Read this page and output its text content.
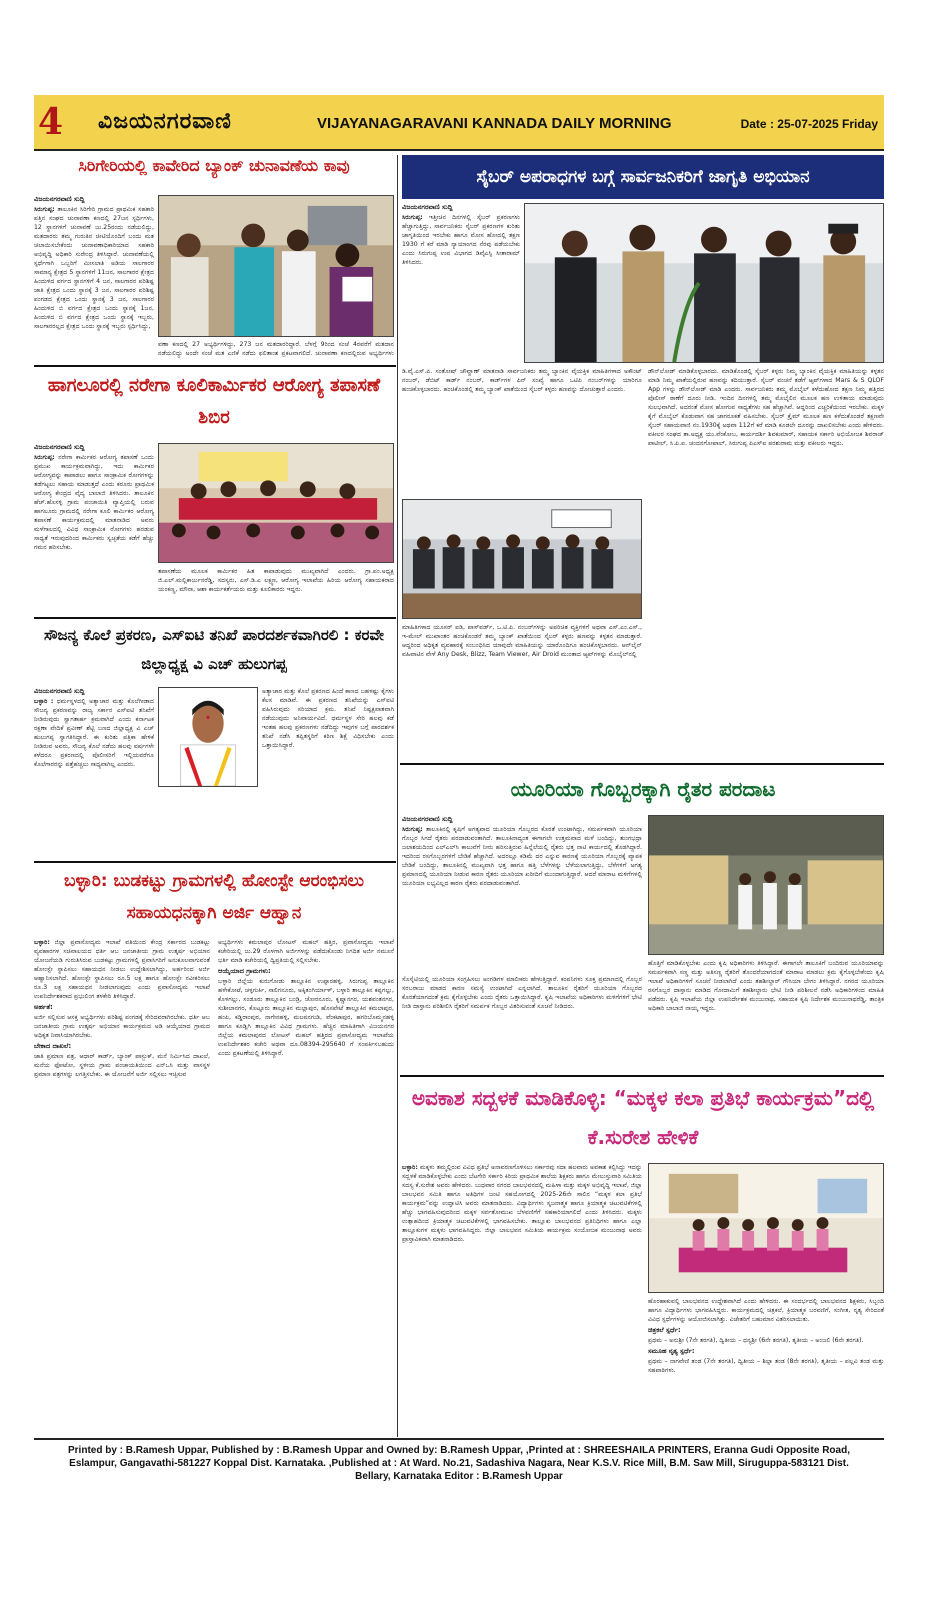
4 ವಿಜಯನಗರವಾಣಿ	VIJAYANAGARAVANI KANNADA DAILY MORNING	Date : 25-07-2025 Friday
ಸಿರಿಗೇರಿಯಲ್ಲಿ ಕಾವೇರಿದ ಬ್ಯಾಂಕ್ ಚುನಾವಣೆಯ ಕಾವು
ವಿಜಯನಗರವಾಣಿ ಸುದ್ದಿ
ಸಿರುಗುಪ್ಪ: ತಾಲೂಕಿನ ಸಿರಿಗೇರಿ ಗ್ರಾಮದ ಪ್ರಾಥಮಿಕ ಸಹಕಾರಿ ಪತ್ತಿನ ಸಂಘದ ಚುನಾವಣಾ ಕಣದಲ್ಲಿ 27ಜನ ಸ್ಪರ್ಧಿಗಳು, 12 ಸ್ಥಾನಗಳಿಗೆ ಚುನಾವಣೆ ಜು.25ರಂದು ನಡೆಯಲಿದ್ದು, ಮತದಾರರು ತಮ್ಮ ಗುರುತಿನ ಚೀಟಿಯೊಂದಿಗೆ ಬಂದು ಮತ ಚಲಾಯಿಸಬೇಕೆಂದು ಚುನಾವಣಾಧಿಕಾರಿಯಾದ ಸಹಕಾರಿ ಅಭಿವೃದ್ಧಿ ಅಧಿಕಾರಿ ಸುರೇಂದ್ರ ತಿಳಿಸಿದ್ದಾರೆ. ಚುನಾವಣೆಯಲ್ಲಿ ಸ್ಪರ್ಧೆಗಾಗಿ ಒಬ್ಬರಿಗೆ ಮೀಸಲಾತಿ ಅಡಿಯ ಸಾಲಗಾರರ ಸಾಮಾನ್ಯ ಕ್ಷೇತ್ರದ 5 ಸ್ಥಾನಗಳಿಗೆ 11ಜನ, ಸಾಲಗಾರರ ಕ್ಷೇತ್ರದ ಹಿಂದುಳಿದ ವರ್ಗದ ಸ್ಥಾನಗಳಿಗೆ 4 ಜನ, ಸಾಲಗಾರರ ಪರಿಶಿಷ್ಟ ಜಾತಿ ಕ್ಷೇತ್ರದ ಒಂದು ಸ್ಥಾನಕ್ಕೆ 3 ಜನ, ಸಾಲಗಾರರ ಪರಿಶಿಷ್ಟ ಪಂಗಡದ ಕ್ಷೇತ್ರದ ಒಂದು ಸ್ಥಾನಕ್ಕೆ 3 ಜನ, ಸಾಲಗಾರರ ಹಿಂದುಳಿದ ಬಿ ವರ್ಗದ ಕ್ಷೇತ್ರದ ಒಂದು ಸ್ಥಾನಕ್ಕೆ 1ಜನ, ಹಿಂದುಳಿದ ಬಿ ವರ್ಗದ ಕ್ಷೇತ್ರದ ಒಂದು ಸ್ಥಾನಕ್ಕೆ ಇಬ್ಬರು, ಸಾಲಗಾರರಲ್ಲದ ಕ್ಷೇತ್ರದ ಒಂದು ಸ್ಥಾನಕ್ಕೆ ಇಬ್ಬರು ಸ್ಪರ್ಧಿಸಿದ್ದು,
ವಣಾ ಕಣದಲ್ಲಿ 27 ಅಭ್ಯರ್ಥಿಗಳಿದ್ದು, 273 ಜನ ಮತದಾರರಿದ್ದಾರೆ. ಬೆಳಗ್ಗೆ 9ರಿಂದ ಸಂಜೆ 4ರವರೆಗೆ ಮತದಾನ ನಡೆಯಲಿದ್ದು ಅಂದೇ ಸಂಜೆ ಮತ ಎಣಿಕೆ ನಡೆದು ಫಲಿತಾಂಶ ಪ್ರಕಟವಾಗಲಿದೆ. ಚುನಾವಣಾ ಕಣದಲ್ಲಿರುವ ಅಭ್ಯರ್ಥಿಗಳು
ಹಾಗಲೂರಲ್ಲಿ ನರೇಗಾ ಕೂಲಿಕಾರ್ಮಿಕರ ಆರೋಗ್ಯ ತಪಾಸಣೆ ಶಿಬಿರ
ವಿಜಯನಗರವಾಣಿ ಸುದ್ದಿ
ಸಿರುಗುಪ್ಪ: ನರೇಗಾ ಕಾರ್ಮಿಕರ ಆರೋಗ್ಯ ತಪಾಸಣೆ ಒಂದು ಪ್ರಮುಖ ಕಾರ್ಯಕ್ರಮವಾಗಿದ್ದು, ಇದು ಕಾರ್ಮಿಕರ ಆರೋಗ್ಯವನ್ನು ಕಾಪಾಡಲು ಹಾಗೂ ಸಾಂಕ್ರಾಮಿಕ ರೋಗಗಳನ್ನು ತಡೆಗಟ್ಟಲು ಸಹಾಯ ಮಾಡುತ್ತದೆ ಎಂದು ಕರೂರು ಪ್ರಾಥಮಿಕ ಆರೋಗ್ಯ ಕೇಂದ್ರದ ವೈದ್ಯ ಬಾಲಾಜಿ ತಿಳಿಸಿದರು. ತಾಲೂಕಿನ ಹೆಚ್.ಹೊಸಳ್ಳಿ ಗ್ರಾಮ ಪಂಚಾಯಿತಿ ವ್ಯಾಪ್ತಿಯಲ್ಲಿ ಬರುವ ಹಾಗಲೂರು ಗ್ರಾಮದಲ್ಲಿ ನರೇಗಾ ಕೂಲಿ ಕಾರ್ಮಿಕರ ಆರೋಗ್ಯ ತಪಾಸಣೆ ಕಾರ್ಯಕ್ರಮದಲ್ಲಿ ಮಾತನಾಡಿದ ಅವರು ಮಳೆಗಾಲದಲ್ಲಿ ವಿವಿಧ ಸಾಂಕ್ರಾಮಿಕ ರೋಗಗಳು ಹರಡುವ ಸಾಧ್ಯತೆ ಇರುವುದರಿಂದ ಕಾರ್ಮಿಕರು ಸ್ವಚ್ಛತೆಯ ಕಡೆಗೆ ಹೆಚ್ಚು ಗಮನ ಹರಿಸಬೇಕು.
ತಪಾಸಣೆಯ ಮೂಲಕ ಕಾರ್ಮಿಕರ ಹಿತ ಕಾಪಾಡುವುದು ಮುಖ್ಯವಾಗಿದೆ ಎಂದರು. ಗ್ರಾ.ಪಂ.ಅಧ್ಯಕ್ಷ ಜಿ.ಎಲ್.ಮಲ್ಲಿಕಾರ್ಜುನರೆಡ್ಡಿ, ಸದಸ್ಯರು, ಎಸ್.ಡಿ.ಎ ಲಕ್ಷ್ಮಣ, ಆರೋಗ್ಯ ಇಲಾಖೆಯ ಹಿರಿಯ ಆರೋಗ್ಯ ಸಹಾಯಕರಾದ ಯಂಕಣ್ಣ, ಮೌನಾ, ಆಶಾ ಕಾರ್ಯಕರ್ತೆಯರು ಮತ್ತು ಕೂಲಿಕಾರರು ಇದ್ದರು.
ಸೌಜನ್ಯ ಕೊಲೆ ಪ್ರಕರಣ, ಎಸ್ಐಟಿ ತನಿಖೆ ಪಾರದರ್ಶಕವಾಗಿರಲಿ : ಕರವೇ ಜಿಲ್ಲಾಧ್ಯಕ್ಷ ವಿ ಎಚ್ ಹುಲುಗಪ್ಪ
ವಿಜಯನಗರವಾಣಿ ಸುದ್ದಿ
ಬಳ್ಳಾರಿ : ಧರ್ಮಸ್ಥಳದಲ್ಲಿ ಅತ್ಯಾಚಾರ ಮತ್ತು ಕೊಲೆಗೀಡಾದ ಸೌಜನ್ಯ ಪ್ರಕರಣವನ್ನು ರಾಜ್ಯ ಸರ್ಕಾರ ಎಸ್ಐಟಿ ತನಿಖೆಗೆ ನೀಡಿರುವುದು ಸ್ವಾಗತಾರ್ಹ ಕ್ರಮವಾಗಿದೆ ಎಂದು ಕರ್ನಾಟಕ ರಕ್ಷಣಾ ವೇದಿಕೆ ಪ್ರವೀಣ್ ಶೆಟ್ಟಿ ಬಣದ ಜಿಲ್ಲಾಧ್ಯಕ್ಷ ವಿ ಎಚ್ ಹುಲುಗಪ್ಪ ಸ್ವಾಗತಿಸಿದ್ದಾರೆ. ಈ ಕುರಿತು ಪತ್ರಿಕಾ ಹೇಳಿಕೆ ನೀಡಿರುವ ಅವರು, ಸೌಜನ್ಯ ಕೊಲೆ ನಡೆದು ಹಲವು ವರ್ಷಗಳೇ ಕಳೆದರೂ ಪ್ರಕರಣದಲ್ಲಿ ಪೊಲೀಸರಿಗೆ ಇಲ್ಲಿಯವರೆಗೂ ಕೊಲೆಗಾರರನ್ನು ಪತ್ತೆಹಚ್ಚಲು ಸಾಧ್ಯವಾಗಿಲ್ಲ ಎಂದರು.
ಅತ್ಯಾಚಾರ ಮತ್ತು ಕೊಲೆ ಪ್ರಕರಣದ ಹಿಂದೆ ಕಾಣದ ಬಹಳಷ್ಟು ಕೈಗಳು ಕೆಲಸ ಮಾಡಿವೆ. ಈ ಪ್ರಕರಣದ ತನಿಖೆಯನ್ನು ಎಸ್ಐಟಿ ವಹಿಸಿರುವುದು ಸರಿಯಾದ ಕ್ರಮ. ತನಿಖೆ ನಿಷ್ಪಕ್ಷಪಾತವಾಗಿ ನಡೆಯುವುದು ಅನಿವಾರ್ಯವಿದೆ. ಧರ್ಮಸ್ಥಳ ಸೇರಿ ಹಲವು ಕಡೆ ಇಂತಹ ಹಲವು ಪ್ರಕರಣಗಳು ನಡೆದಿದ್ದು ಇವುಗಳ ಬಗ್ಗೆ ಪಾರದರ್ಶಕ ತನಿಖೆ ನಡೆಸಿ ತಪ್ಪಿತಸ್ಥರಿಗೆ ಕಠಿಣ ಶಿಕ್ಷೆ ವಿಧಿಸಬೇಕು ಎಂದು ಒತ್ತಾಯಿಸಿದ್ದಾರೆ.
ಬಳ್ಳಾರಿ: ಬುಡಕಟ್ಟು ಗ್ರಾಮಗಳಲ್ಲಿ ಹೋಂಸ್ಟೇ ಆರಂಭಿಸಲು ಸಹಾಯಧನಕ್ಕಾಗಿ ಅರ್ಜಿ ಆಹ್ವಾನ
ಬಳ್ಳಾರಿ: ಜಿಲ್ಲಾ ಪ್ರವಾಸೋದ್ಯಮ ಇಲಾಖೆ ವತಿಯಿಂದ ಕೇಂದ್ರ ಸರ್ಕಾರದ ಬುಡಕಟ್ಟು ವ್ಯವಹಾರಗಳ ಸಚಿವಾಲಯದ ಧರ್ತಿ ಆಬ ಜನಜಾತೀಯ ಗ್ರಾಮ ಉತ್ಕರ್ಷ ಅಭಿಯಾನ ಯೋಜನೆಯಡಿ ಗುರುತಿಸಿರುವ ಬುಡಕಟ್ಟು ಗ್ರಾಮಗಳಲ್ಲಿ ಪ್ರವಾಸಿಗರಿಗೆ ಅನುಕೂಲವಾಗುವಂತೆ ಹೋಂಸ್ಟೇ ಸ್ಥಾಪಿಸಲು ಸಹಾಯಧನ ನೀಡಲು ಉದ್ದೇಶಿಸಲಾಗಿದ್ದು, ಅರ್ಹರಿಂದ ಅರ್ಜಿ ಆಹ್ವಾನಿಸಲಾಗಿದೆ. ಹೋಂಸ್ಟೇ ಸ್ಥಾಪಿಸಲು ರೂ.5 ಲಕ್ಷ ಹಾಗೂ ಹೋಂಸ್ಟೇ ನವೀಕರಿಸಲು ರೂ.3 ಲಕ್ಷ ಸಹಾಯಧನ ನೀಡಲಾಗುವುದು ಎಂದು ಪ್ರವಾಸೋದ್ಯಮ ಇಲಾಖೆ ಉಪನಿರ್ದೇಶಕರಾದ ಪ್ರಭುಲಿಂಗ ತಳಕೇರಿ ತಿಳಿಸಿದ್ದಾರೆ.
ಅರ್ಹತೆ:
ಅರ್ಜಿ ಸಲ್ಲಿಸುವ ಆಸಕ್ತ ಅಭ್ಯರ್ಥಿಗಳು ಪರಿಶಿಷ್ಟ ಪಂಗಡಕ್ಕೆ ಸೇರಿದವರಾಗಿರಬೇಕು. ಧರ್ತಿ ಆಬ ಜನಜಾತೀಯ ಗ್ರಾಮ ಉತ್ಕರ್ಷ ಅಭಿಯಾನ ಕಾರ್ಯಕ್ರಮದ ಅಡಿ ಆಯ್ಕೆಯಾದ ಗ್ರಾಮದ ಅಧಿಕೃತ ನಿವಾಸಿಯಾಗಿರಬೇಕು.
ಬೇಕಾದ ದಾಖಲೆ:
ಜಾತಿ ಪ್ರಮಾಣ ಪತ್ರ, ಆಧಾರ್ ಕಾರ್ಡ್, ಬ್ಯಾಂಕ್ ಪಾಸ್ಬುಕ್, ಮನೆ ನಿರ್ಮಿಸಿದ ದಾಖಲೆ, ಮನೆಯ ಫೋಟೋ, ಸ್ಥಳೀಯ ಗ್ರಾಮ ಪಂಚಾಯತಿಯಿಂದ ಎನ್ಒಸಿ ಮತ್ತು ವಾಸಸ್ಥಳ ಪ್ರಮಾಣ ಪತ್ರಗಳನ್ನು ಲಗತ್ತಿಸಬೇಕು. ಈ ಯೋಜನೆಗೆ ಅರ್ಜಿ ಸಲ್ಲಿಸಲು ಇಚ್ಛಿಸುವ
ಅಭ್ಯರ್ಥಿಗಳು ಕಮಲಾಪುರ ಲೋಟಸ್ ಮಹಲ್ ಹತ್ತಿರ, ಪ್ರವಾಸೋದ್ಯಮ ಇಲಾಖೆ ಕಚೇರಿಯಲ್ಲಿ ಜು.29 ರೊಳಗಾಗಿ ಅರ್ಜಿಗಳನ್ನು ಪಡೆದುಕೊಂಡು ನಿಗದಿತ ಅರ್ಜಿ ನಮೂನೆ ಭರ್ತಿ ಮಾಡಿ ಕಚೇರಿಯಲ್ಲಿ ದ್ವಿಪ್ರತಿಯಲ್ಲಿ ಸಲ್ಲಿಸಬೇಕು.
ಆಯ್ಕೆಯಾದ ಗ್ರಾಮಗಳು:
ಬಳ್ಳಾರಿ ಜಿಲ್ಲೆಯ ಕುರುಗೋಡು ತಾಲ್ಲೂಕಿನ ಉಪ್ಪಾರಹಳ್ಳಿ, ಸಿರುಗುಪ್ಪ ತಾಲ್ಲೂಕಿನ ಹಳೇಕೋಟೆ, ಚಳ್ಳಗುರ್ಕಿ, ಸಾಲಿಗನೂರು, ಅಕ್ಕಿತಂಗಿರ್ಯಾಳ್, ಬಳ್ಳಾರಿ ತಾಲ್ಲೂಕಿನ ಕಪ್ಪಗಲ್ಲು, ಕೊಳಗಲ್ಲು, ಸಂಡೂರು ತಾಲ್ಲೂಕಿನ ಬಂಡ್ರಿ, ಚೋರನೂರು, ಕೃಷ್ಣಾನಗರ, ಯಶವಂತನಗರ, ಸುಶೀಲಾನಗರ, ಕೊಟ್ಟೂರು ತಾಲ್ಲೂಕಿನ ಮಲ್ಲಾಪುರ, ಹೊಸಪೇಟೆ ತಾಲ್ಲೂಕಿನ ಕಮಲಾಪುರ, ಹಂಪಿ, ಕಡ್ಡಿರಾಂಪುರ, ನಾಗೇನಹಳ್ಳಿ, ಮಲಪನಗುಡಿ, ವೆಂಕಟಾಪುರ, ಹಗರಿಬೊಮ್ಮನಹಳ್ಳಿ ಹಾಗೂ ಕೂಡ್ಲಿಗಿ ತಾಲ್ಲೂಕಿನ ವಿವಿಧ ಗ್ರಾಮಗಳು. ಹೆಚ್ಚಿನ ಮಾಹಿತಿಗಾಗಿ ವಿಜಯನಗರ ಜಿಲ್ಲೆಯ ಕಮಲಾಪುರದ ಲೋಟಸ್ ಮಹಲ್ ಹತ್ತಿರದ ಪ್ರವಾಸೋದ್ಯಮ ಇಲಾಖೆಯ ಉಪನಿರ್ದೇಶಕರ ಕಚೇರಿ ಅಥವಾ ದೂ.08394-295640 ಗೆ ಸಂಪರ್ಕಿಸಬಹುದು ಎಂದು ಪ್ರಕಟಣೆಯಲ್ಲಿ ತಿಳಿಸಿದ್ದಾರೆ.
ಸೈಬರ್ ಅಪರಾಧಗಳ ಬಗ್ಗೆ ಸಾರ್ವಜನಿಕರಿಗೆ ಜಾಗೃತಿ ಅಭಿಯಾನ
ವಿಜಯನಗರವಾಣಿ ಸುದ್ದಿ
ಸಿರುಗುಪ್ಪ: ಇತ್ತೀಚಿನ ದಿನಗಳಲ್ಲಿ ಸೈಬರ್ ಪ್ರಕರಣಗಳು ಹೆಚ್ಚಾಗುತ್ತಿದ್ದು, ಸಾರ್ವಜನಿಕರು ಸೈಬರ್ ಪ್ರಕರಣಗಳ ಕುರಿತು ಜಾಗೃತಿಯಿಂದ ಇರಬೇಕು ಹಾಗೂ ಮೋಸ ಹೋದಲ್ಲಿ ತಕ್ಷಣ 1930 ಗೆ ಕರೆ ಮಾಡಿ ನ್ಯಾಯಾಂಗದ ನೆರವು ಪಡೆಯಬೇಕು ಎಂದು ಸಿರುಗುಪ್ಪ ಉಪ ವಿಭಾಗದ ಡಿವೈಎಸ್ಪಿ ಸೀತಾರಾಮ್ ತಿಳಿಸಿದರು.
ಡಿ.ವೈ.ಎಸ್.ಪಿ. ಸಂತೋಷ್ ಚೌವ್ಹಾಣ್ ಮಾತನಾಡಿ ಸಾರ್ವಜನಿಕರು ತಮ್ಮ ಬ್ಯಾಂಕಿನ ವೈಯಕ್ತಿಕ ಮಾಹಿತಿಗಳಾದ ಅಕೌಂಟ್ ನಂಬರ್, ಡೆಬಿಟ್ ಕಾರ್ಡ್ ನಂಬರ್, ಕಾರ್ಡ್‌ಗಳ ಪಿನ್ ಸಂಖ್ಯೆ ಹಾಗೂ ಒಟಿಪಿ ನಂಬರ್‌ಗಳನ್ನು ಯಾರಿಗೂ ಹಂಚಿಕೊಳ್ಳಬಾರದು. ಹಂಚಿಕೊಂಡಲ್ಲಿ ತಮ್ಮ ಬ್ಯಾಂಕ್ ಖಾತೆಯಿಂದ ಸೈಬರ್ ಕಳ್ಳರು ಹಣವನ್ನು ದೋಚುತ್ತಾರೆ ಎಂದರು.
ಮಾಹಿತಿಗಳಾದ ಯೂಸರ್ ಐಡಿ, ಪಾಸ್‌ವರ್ಡ್, ಒ.ಟಿ.ಪಿ. ನಂಬರ್‌ಗಳನ್ನು ಅಪರಿಚಿತ ವ್ಯಕ್ತಿಗಳಿಗೆ ಅಥವಾ ಎಸ್.ಎಂ.ಎಸ್., ಇ-ಮೇಲ್ ಮುಖಾಂತರ ಹಂಚಿಕೊಂಡರೆ ತಮ್ಮ ಬ್ಯಾಂಕ್ ಖಾತೆಯಿಂದ ಸೈಬರ್ ಕಳ್ಳರು ಹಣವನ್ನು ಕಳ್ಳತನ ಮಾಡುತ್ತಾರೆ. ಆದ್ದರಿಂದ ಅಧಿಕೃತ ವ್ಯವಹಾರಕ್ಕೆ ಸಂಬಂಧಿಸಿದ ಯಾವುದೇ ಮಾಹಿತಿಯನ್ನು ಯಾರೊಂದಿಗೂ ಹಂಚಿಕೊಳ್ಳಬಾರದು. ಆನ್‌ಲೈನ್ ವಹಿವಾಟಿನ ವೇಳೆ Any Desk, Blizz, Team Viewer, Air Droid ಮುಂತಾದ ಆ್ಯಪ್‌ಗಳನ್ನು ಮೊಬೈಲ್‌ನಲ್ಲಿ
ಡೌನ್‌ಲೋಡ್ ಮಾಡಿಕೊಳ್ಳಬಾರದು. ಮಾಡಿಕೊಂಡಲ್ಲಿ ಸೈಬರ್ ಕಳ್ಳರು ನಿಮ್ಮ ಬ್ಯಾಂಕಿನ ವೈಯಕ್ತಿಕ ಮಾಹಿತಿಯನ್ನು ಕಳ್ಳತನ ಮಾಡಿ ನಿಮ್ಮ ಖಾತೆಯಲ್ಲಿರುವ ಹಣವನ್ನು ಕದಿಯುತ್ತಾರೆ. ಸೈಬರ್ ವಂಚನೆ ತಡೆಗೆ ಆ್ಯಪ್‌ಗಳಾದ Mars & S QLOF App ಗಳನ್ನು ಡೌನ್‌ಲೋಡ್ ಮಾಡಿ ಎಂದರು. ಸಾರ್ವಜನಿಕರು ತಮ್ಮ ಮೊಬೈಲ್ ಕಳೆದುಹೋದ ತಕ್ಷಣ ನಿಮ್ಮ ಹತ್ತಿರದ ಪೊಲೀಸ್ ಠಾಣೆಗೆ ದೂರು ನೀಡಿ. ಇಂದಿನ ದಿನಗಳಲ್ಲಿ ತಮ್ಮ ಮೊಬೈಲಿನ ಮೂಲಕ ಹಣ ಉಳಿತಾಯ ಮಾಡುವುದು ಸುಲಭವಾಗಿದೆ. ಅದರಂತೆ ಮೋಸ ಹೋಗುವ ಸಾಧ್ಯತೆಗಳು ಸಹ ಹೆಚ್ಚಾಗಿವೆ. ಆದ್ದರಿಂದ ಎಚ್ಚರಿಕೆಯಿಂದ ಇರಬೇಕು. ಮಕ್ಕಳ ಕೈಗೆ ಮೊಬೈಲ್ ಕೊಡುವಾಗ ಸಹ ಜಾಗರೂಕತೆ ವಹಿಸಬೇಕು. ಸೈಬರ್ ಕ್ರೈಮ್ ಮೂಲಕ ಹಣ ಕಳೆದುಕೊಂಡರೆ ತಕ್ಷಣವೇ ಸೈಬರ್ ಸಹಾಯವಾಣಿ ನಂ.1930ಕ್ಕೆ ಅಥವಾ 112ಗೆ ಕರೆ ಮಾಡಿ ಕೂಡಲೇ ದೂರನ್ನು ದಾಖಲಿಸಬೇಕು ಎಂದು ಹೇಳಿದರು. ವಕೀಲರ ಸಂಘದ ತಾ.ಅಧ್ಯಕ್ಷ ಯು.ವೆಂಕೋಬ, ಕಾರ್ಯದರ್ಶಿ ಶಿವಕುಮಾರ್, ಸಹಾಯಕ ಸರ್ಕಾರಿ ಅಭಿಯೋಜಕ ಶಿವರಾಜ್ ಪಾಟೀಲ್, ಸಿ.ಪಿ.ಐ. ಚಂದನಗೋಪಾಲ್, ಸಿರುಗುಪ್ಪ ಪಿಎಸ್ಐ ಪರಶುರಾಮ ಮತ್ತು ವಕೀಲರು ಇದ್ದರು.
ಯೂರಿಯಾ ಗೊಬ್ಬರಕ್ಕಾಗಿ ರೈತರ ಪರದಾಟ
ವಿಜಯನಗರವಾಣಿ ಸುದ್ದಿ
ಸಿರುಗುಪ್ಪ: ತಾಲೂಕಿನಲ್ಲಿ ಕೃಷಿಗೆ ಅಗತ್ಯವಾದ ಯೂರಿಯಾ ಗೊಬ್ಬರದ ಕೊರತೆ ಉಂಟಾಗಿದ್ದು, ಸಮರ್ಪಕವಾಗಿ ಯೂರಿಯಾ ಗೊಬ್ಬರ ಸಿಗದೆ ರೈತರು ಪರದಾಡುವಂತಾಗಿದೆ. ತಾಲೂಕಿನಾದ್ಯಂತ ಈಗಾಗಲೇ ಉತ್ತಮವಾದ ಮಳೆ ಬಂದಿದ್ದು, ತುಂಗಭದ್ರಾ ಜಲಾಶಯದಿಂದ ಎಲ್ಎಲ್‌ಸಿ ಕಾಲುವೆಗೆ ನೀರು ಹರಿಸುತ್ತಿರುವ ಹಿನ್ನೆಲೆಯಲ್ಲಿ ರೈತರು ಭತ್ತ ನಾಟಿ ಕಾರ್ಯದಲ್ಲಿ ತೊಡಗಿದ್ದಾರೆ. ಇದರಿಂದ ರಸಗೊಬ್ಬರಗಳಿಗೆ ಬೇಡಿಕೆ ಹೆಚ್ಚಾಗಿದೆ. ಅದರಲ್ಲೂ ಕಡಿಮೆ ದರ ಎನ್ನುವ ಕಾರಣಕ್ಕೆ ಯೂರಿಯಾ ಗೊಬ್ಬರಕ್ಕೆ ವ್ಯಾಪಕ ಬೇಡಿಕೆ ಬಂದಿದ್ದು, ತಾಲೂಕಿನಲ್ಲಿ ಮುಖ್ಯವಾಗಿ ಭತ್ತ ಹಾಗೂ ಹತ್ತಿ ಬೆಳೆಗಳನ್ನು ಬೆಳೆಯಲಾಗುತ್ತಿದ್ದು, ಬೆಳೆಗಳಿಗೆ ಅಗತ್ಯ ಪ್ರಮಾಣದಲ್ಲಿ ಯೂರಿಯಾ ನೀಡುವ ಕಾರಣ ರೈತರು ಯೂರಿಯಾ ಖರೀದಿಗೆ ಮುಂದಾಗುತ್ತಿದ್ದಾರೆ. ಆದರೆ ಮಾರಾಟ ಮಳಿಗೆಗಳಲ್ಲಿ ಯೂರಿಯಾ ಲಭ್ಯವಿಲ್ಲದ ಕಾರಣ ರೈತರು ಪರದಾಡುವಂತಾಗಿದೆ.
ಹೊತ್ತಿಗೆ ಮಾಡಿಕೊಳ್ಳಬೇಕು ಎಂದು ಕೃಷಿ ಅಧಿಕಾರಿಗಳು ತಿಳಿಸಿದ್ದಾರೆ. ಈಗಾಗಲೇ ತಾಲೂಕಿಗೆ ಬಂದಿರುವ ಯೂರಿಯಾವನ್ನು ಸಮರ್ಪಕವಾಗಿ ಸಣ್ಣ ಮತ್ತು ಅತಿಸಣ್ಣ ರೈತರಿಗೆ ತೊಂದರೆಯಾಗದಂತೆ ಮಾರಾಟ ಮಾಡಲು ಕ್ರಮ ಕೈಗೊಳ್ಳಬೇಕೆಂದು ಕೃಷಿ ಇಲಾಖೆ ಅಧಿಕಾರಿಗಳಿಗೆ ಸೂಚನೆ ನೀಡಲಾಗಿದೆ ಎಂದು ತಹಶೀಲ್ದಾರ್ ಗೌಸಿಯಾ ಬೇಗಂ ತಿಳಿಸಿದ್ದಾರೆ. ನಗರದ ಯೂರಿಯಾ ರಸಗೊಬ್ಬರ ದಾಸ್ತಾನು ಮಾಡಿದ ಗೋದಾಮಿಗೆ ತಹಶೀಲ್ದಾರು ಭೇಟಿ ನೀಡಿ ಪರಿಶೀಲನೆ ನಡೆಸಿ ಅಧಿಕಾರಿಗಳಿಂದ ಮಾಹಿತಿ ಪಡೆದರು. ಕೃಷಿ ಇಲಾಖೆಯ ಜಿಲ್ಲಾ ಉಪನಿರ್ದೇಶಕ ಮಂಜುನಾಥ, ಸಹಾಯಕ ಕೃಷಿ ನಿರ್ದೇಶಕ ಮಂಜುನಾಥರೆಡ್ಡಿ, ತಾಂತ್ರಿಕ ಅಧಿಕಾರಿ ಬಾಬಾಜಿ ನಾಯ್ಕ ಇದ್ದರು.
ಸೊಸೈಟಿಯಲ್ಲಿ ಯೂರಿಯಾ ಸಂಗ್ರಹಿಸಲು ಅಂಗಡಿಗಳ ಮಾಲೀಕರು ಹೇಳುತ್ತಿದ್ದಾರೆ. ಕಂಪನಿಗಳು ಸೂಕ್ತ ಪ್ರಮಾಣದಲ್ಲಿ ಗೊಬ್ಬರ ಸರಬರಾಜು ಮಾಡದ ಕಾರಣ ಸಮಸ್ಯೆ ಉಂಟಾಗಿದೆ ಎನ್ನಲಾಗಿದೆ. ತಾಲೂಕಿನ ರೈತರಿಗೆ ಯೂರಿಯಾ ಗೊಬ್ಬರದ ಕೊರತೆಯಾಗದಂತೆ ಕ್ರಮ ಕೈಗೊಳ್ಳಬೇಕು ಎಂದು ರೈತರು ಒತ್ತಾಯಿಸಿದ್ದಾರೆ. ಕೃಷಿ ಇಲಾಖೆಯ ಅಧಿಕಾರಿಗಳು ಮಳಿಗೆಗಳಿಗೆ ಭೇಟಿ ನೀಡಿ ದಾಸ್ತಾನು ಪರಿಶೀಲಿಸಿ ರೈತರಿಗೆ ಸಮರ್ಪಕ ಗೊಬ್ಬರ ವಿತರಿಸುವಂತೆ ಸೂಚನೆ ನೀಡಿದರು.
ಅವಕಾಶ ಸದ್ಬಳಕೆ ಮಾಡಿಕೊಳ್ಳಿ: “ಮಕ್ಕಳ ಕಲಾ ಪ್ರತಿಭೆ ಕಾರ್ಯಕ್ರಮ”ದಲ್ಲಿ ಕೆ.ಸುರೇಶ ಹೇಳಿಕೆ
ಬಳ್ಳಾರಿ: ಮಕ್ಕಳು ತಮ್ಮಲ್ಲಿರುವ ವಿವಿಧ ಪ್ರತಿಭೆ ಅನಾವರಣಗೊಳಿಸಲು ಸರ್ಕಾರವು ಸದಾ ಹಲವಾರು ಅವಕಾಶ ಕಲ್ಪಿಸಿದ್ದು ಇದನ್ನು ಸದ್ಬಳಕೆ ಮಾಡಿಕೊಳ್ಳಬೇಕು ಎಂದು ಬೆಟಗೇರಿ ಸರ್ಕಾರಿ ಕಿರಿಯ ಪ್ರಾಥಮಿಕ ಶಾಲೆಯ ಶಿಕ್ಷಕರು ಹಾಗೂ ಮೇಲುಸ್ತುವಾರಿ ಸಮಿತಿಯ ಸದಸ್ಯ ಕೆ.ಸುರೇಶ ಅವರು ಹೇಳಿದರು. ಬುಧವಾರ ನಗರದ ಬಾಲಭವನದಲ್ಲಿ ಮಹಿಳಾ ಮತ್ತು ಮಕ್ಕಳ ಅಭಿವೃದ್ಧಿ ಇಲಾಖೆ, ಜಿಲ್ಲಾ ಬಾಲಭವನ ಸಮಿತಿ ಹಾಗೂ ಅತಿಥಿಗಳ ಜಂಟಿ ಸಹಯೋಗದಲ್ಲಿ 2025-26ನೇ ಸಾಲಿನ “ಮಕ್ಕಳ ಕಲಾ ಪ್ರತಿಭೆ ಕಾರ್ಯಕ್ರಮ”ವನ್ನು ಉದ್ಘಾಟಿಸಿ ಅವರು ಮಾತನಾಡಿದರು. ವಿದ್ಯಾರ್ಥಿಗಳು ಸೃಜನಾತ್ಮಕ ಹಾಗೂ ಕ್ರಿಯಾತ್ಮಕ ಚಟುವಟಿಕೆಗಳಲ್ಲಿ ಹೆಚ್ಚು ಭಾಗವಹಿಸುವುದರಿಂದ ಮಕ್ಕಳ ಸರ್ವತೋಮುಖ ಬೆಳವಣಿಗೆಗೆ ಸಹಕಾರಿಯಾಗಲಿದೆ ಎಂದು ತಿಳಿಸಿದರು. ಮಕ್ಕಳು ಉತ್ಸಾಹದಿಂದ ಕ್ರಿಯಾತ್ಮಕ ಚಟುವಟಿಕೆಗಳಲ್ಲಿ ಭಾಗವಹಿಸಬೇಕು. ತಾಲ್ಲೂಕು ಬಾಲಭವನದ ಪ್ರತಿನಿಧಿಗಳು ಹಾಗೂ ಎಲ್ಲಾ ತಾಲ್ಲೂಕುಗಳ ಮಕ್ಕಳು ಭಾಗವಹಿಸಿದ್ದರು. ಜಿಲ್ಲಾ ಬಾಲಭವನ ಸಮಿತಿಯ ಕಾರ್ಯಕ್ರಮ ಸಂಯೋಜಕ ಮಂಜುನಾಥ ಅವರು ಪ್ರಾಸ್ತಾವಿಕವಾಗಿ ಮಾತನಾಡಿದರು.
ಹೊರಹಾಕುವಲ್ಲಿ ಬಾಲಭವನದ ಉದ್ದೇಶವಾಗಿದೆ ಎಂದು ಹೇಳಿದರು. ಈ ಸಂದರ್ಭದಲ್ಲಿ ಬಾಲಭವನದ ಶಿಕ್ಷಕರು, ಸಿಬ್ಬಂದಿ ಹಾಗೂ ವಿದ್ಯಾರ್ಥಿಗಳು ಭಾಗವಹಿಸಿದ್ದರು. ಕಾರ್ಯಕ್ರಮದಲ್ಲಿ ಚಿತ್ರಕಲೆ, ಕ್ರಿಯಾತ್ಮಕ ಬರವಣಿಗೆ, ಸಂಗೀತ, ನೃತ್ಯ ಸೇರಿದಂತೆ ವಿವಿಧ ಸ್ಪರ್ಧೆಗಳನ್ನು ಆಯೋಜಿಸಲಾಗಿತ್ತು. ವಿಜೇತರಿಗೆ ಬಹುಮಾನ ವಿತರಿಸಲಾಯಿತು.
ಚಿತ್ರಕಲೆ ಸ್ಪರ್ಧೆ:
ಪ್ರಥಮ – ಅನುಶ್ರೀ (7ನೇ ತರಗತಿ), ದ್ವಿತೀಯ – ಧನ್ಯಶ್ರೀ (6ನೇ ತರಗತಿ), ತೃತೀಯ – ಅಂಜಲಿ (6ನೇ ತರಗತಿ).
ಸಮೂಹ ನೃತ್ಯ ಸ್ಪರ್ಧೆ:
ಪ್ರಥಮ – ನಾಗವೇಣಿ ತಂಡ (7ನೇ ತರಗತಿ), ದ್ವಿತೀಯ – ಶಿಲ್ಪಾ ತಂಡ (8ನೇ ತರಗತಿ), ತೃತೀಯ – ಪಲ್ಲವಿ ತಂಡ ಮತ್ತು ಸಹಪಾಠಿಗಳು.
Printed by : B.Ramesh Uppar, Published by : B.Ramesh Uppar and Owned by: B.Ramesh Uppar, ,Printed at : SHREESHAILA PRINTERS, Eranna Gudi Opposite Road,
Eslampur, Gangavathi-581227 Koppal Dist. Karnataka. ,Published at : At Ward. No.21, Sadashiva Nagara, Near K.S.V. Rice Mill, B.M. Saw Mill, Siruguppa-583121 Dist.
Bellary, Karnataka Editor : B.Ramesh Uppar
